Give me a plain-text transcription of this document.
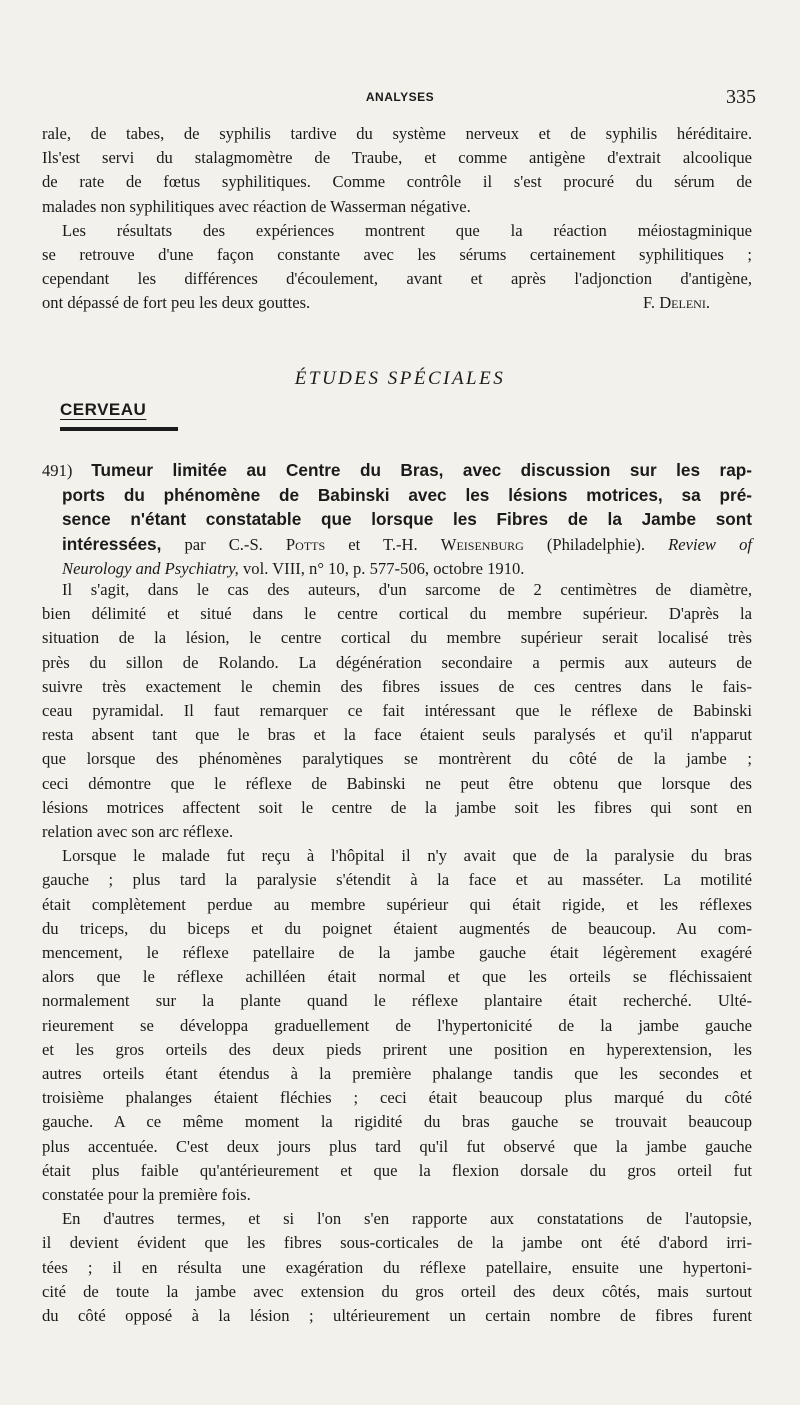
ANALYSES	335
rale, de tabes, de syphilis tardive du système nerveux et de syphilis héréditaire.
Ils'est servi du stalagmomètre de Traube, et comme antigène d'extrait alcoolique
de rate de fœtus syphilitiques. Comme contrôle il s'est procuré du sérum de
malades non syphilitiques avec réaction de Wasserman négative.
Les résultats des expériences montrent que la réaction méiostagminique
se retrouve d'une façon constante avec les sérums certainement syphilitiques ;
cependant les différences d'écoulement, avant et après l'adjonction d'antigène,
ont dépassé de fort peu les deux gouttes.	F. Deleni.
ÉTUDES SPÉCIALES
CERVEAU
491) Tumeur limitée au Centre du Bras, avec discussion sur les rap-
ports du phénomène de Babinski avec les lésions motrices, sa pré-
sence n'étant constatable que lorsque les Fibres de la Jambe sont
intéressées, par C.-S. Potts et T.-H. Weisenburg (Philadelphie). Review of
Neurology and Psychiatry, vol. VIII, n° 10, p. 577-506, octobre 1910.
Il s'agit, dans le cas des auteurs, d'un sarcome de 2 centimètres de diamètre,
bien délimité et situé dans le centre cortical du membre supérieur. D'après la
situation de la lésion, le centre cortical du membre supérieur serait localisé très
près du sillon de Rolando. La dégénération secondaire a permis aux auteurs de
suivre très exactement le chemin des fibres issues de ces centres dans le fais-
ceau pyramidal. Il faut remarquer ce fait intéressant que le réflexe de Babinski
resta absent tant que le bras et la face étaient seuls paralysés et qu'il n'apparut
que lorsque des phénomènes paralytiques se montrèrent du côté de la jambe ;
ceci démontre que le réflexe de Babinski ne peut être obtenu que lorsque des
lésions motrices affectent soit le centre de la jambe soit les fibres qui sont en
relation avec son arc réflexe.
Lorsque le malade fut reçu à l'hôpital il n'y avait que de la paralysie du bras
gauche ; plus tard la paralysie s'étendit à la face et au masséter. La motilité
était complètement perdue au membre supérieur qui était rigide, et les réflexes
du triceps, du biceps et du poignet étaient augmentés de beaucoup. Au com-
mencement, le réflexe patellaire de la jambe gauche était légèrement exagéré
alors que le réflexe achilléen était normal et que les orteils se fléchissaient
normalement sur la plante quand le réflexe plantaire était recherché. Ulté-
rieurement se développa graduellement de l'hypertonicité de la jambe gauche
et les gros orteils des deux pieds prirent une position en hyperextension, les
autres orteils étant étendus à la première phalange tandis que les secondes et
troisième phalanges étaient fléchies ; ceci était beaucoup plus marqué du côté
gauche. A ce même moment la rigidité du bras gauche se trouvait beaucoup
plus accentuée. C'est deux jours plus tard qu'il fut observé que la jambe gauche
était plus faible qu'antérieurement et que la flexion dorsale du gros orteil fut
constatée pour la première fois.
En d'autres termes, et si l'on s'en rapporte aux constatations de l'autopsie,
il devient évident que les fibres sous-corticales de la jambe ont été d'abord irri-
tées ; il en résulta une exagération du réflexe patellaire, ensuite une hypertoni-
cité de toute la jambe avec extension du gros orteil des deux côtés, mais surtout
du côté opposé à la lésion ; ultérieurement un certain nombre de fibres furent
